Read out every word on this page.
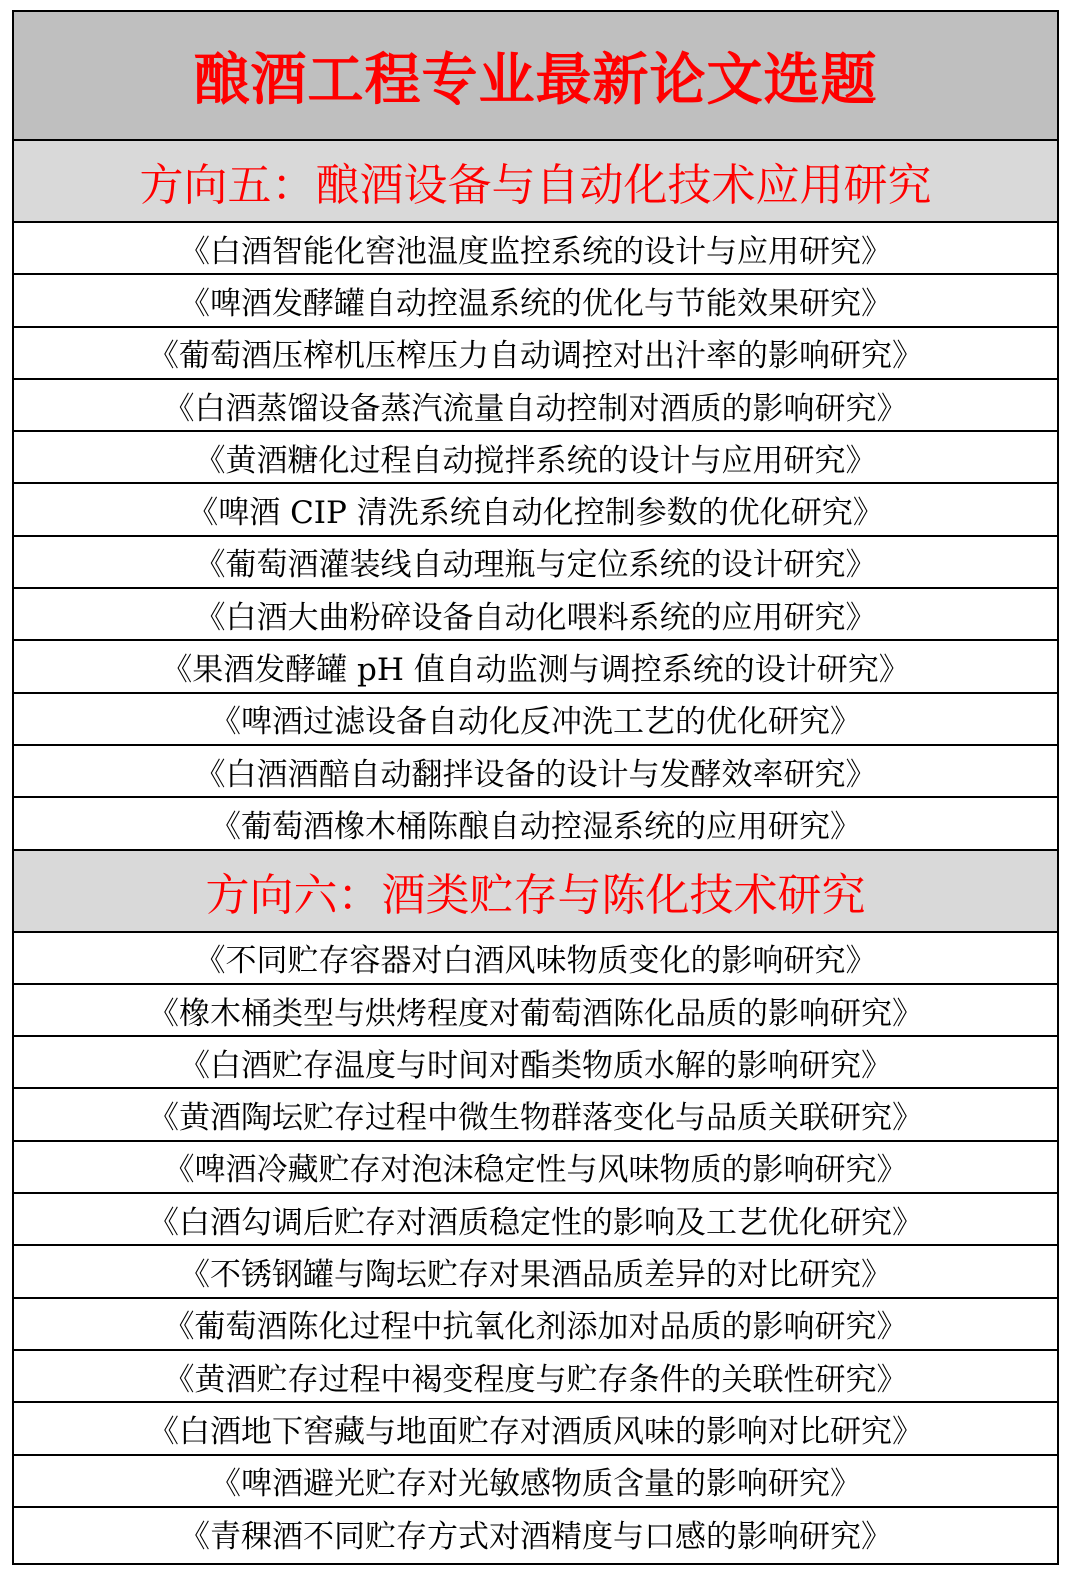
酿酒工程专业最新论文选题
方向五：酿酒设备与自动化技术应用研究
《白酒智能化窖池温度监控系统的设计与应用研究》
《啤酒发酵罐自动控温系统的优化与节能效果研究》
《葡萄酒压榨机压榨压力自动调控对出汁率的影响研究》
《白酒蒸馏设备蒸汽流量自动控制对酒质的影响研究》
《黄酒糖化过程自动搅拌系统的设计与应用研究》
《啤酒 CIP 清洗系统自动化控制参数的优化研究》
《葡萄酒灌装线自动理瓶与定位系统的设计研究》
《白酒大曲粉碎设备自动化喂料系统的应用研究》
《果酒发酵罐 pH 值自动监测与调控系统的设计研究》
《啤酒过滤设备自动化反冲洗工艺的优化研究》
《白酒酒醅自动翻拌设备的设计与发酵效率研究》
《葡萄酒橡木桶陈酿自动控湿系统的应用研究》
方向六：酒类贮存与陈化技术研究
《不同贮存容器对白酒风味物质变化的影响研究》
《橡木桶类型与烘烤程度对葡萄酒陈化品质的影响研究》
《白酒贮存温度与时间对酯类物质水解的影响研究》
《黄酒陶坛贮存过程中微生物群落变化与品质关联研究》
《啤酒冷藏贮存对泡沫稳定性与风味物质的影响研究》
《白酒勾调后贮存对酒质稳定性的影响及工艺优化研究》
《不锈钢罐与陶坛贮存对果酒品质差异的对比研究》
《葡萄酒陈化过程中抗氧化剂添加对品质的影响研究》
《黄酒贮存过程中褐变程度与贮存条件的关联性研究》
《白酒地下窖藏与地面贮存对酒质风味的影响对比研究》
《啤酒避光贮存对光敏感物质含量的影响研究》
《青稞酒不同贮存方式对酒精度与口感的影响研究》
